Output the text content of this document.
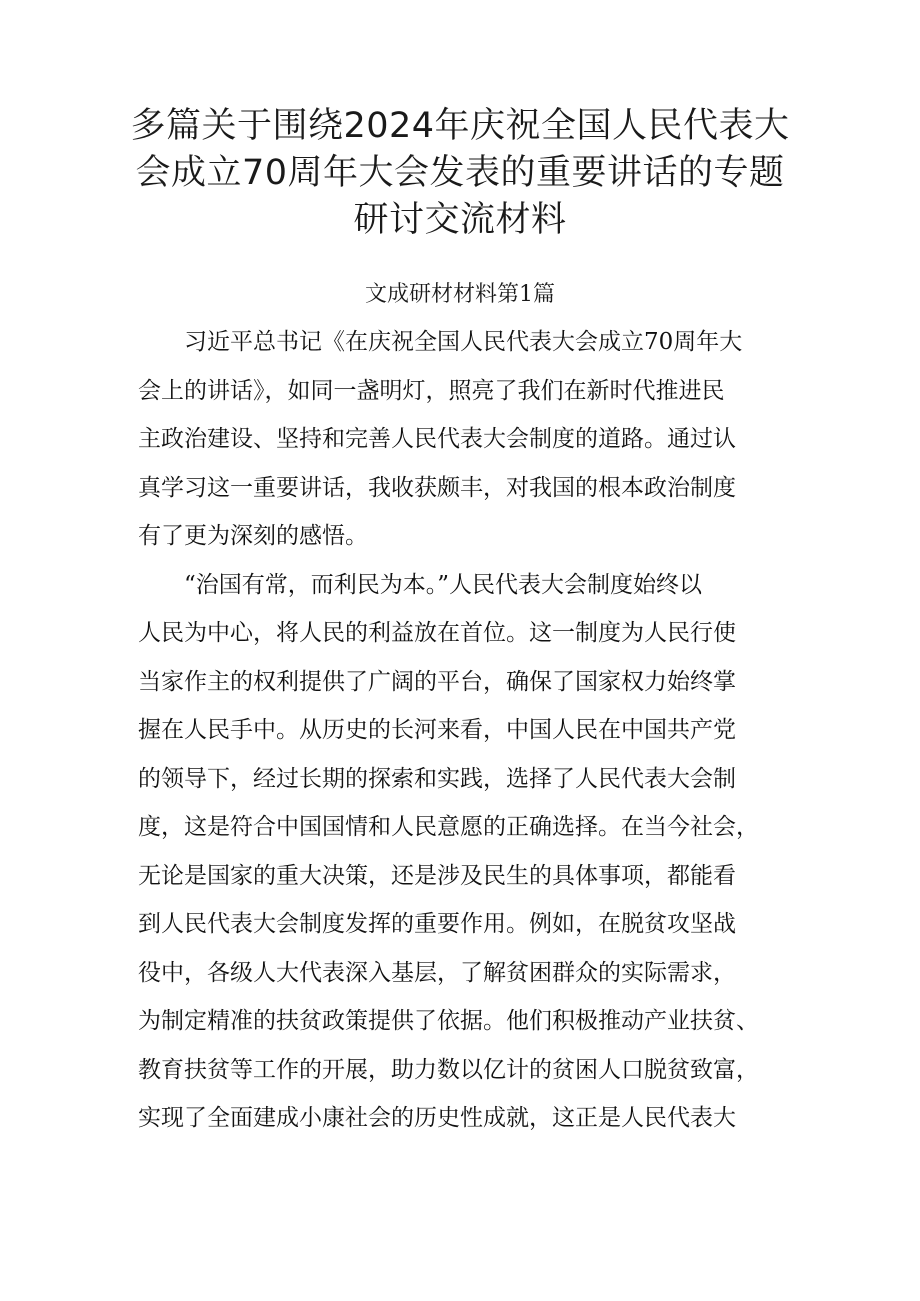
多篇关于围绕2024年庆祝全国人民代表大
会成立70周年大会发表的重要讲话的专题
研讨交流材料
文成研材材料第1篇

习近平总书记《在庆祝全国人民代表大会成立70周年大
会上的讲话》，如同一盏明灯，照亮了我们在新时代推进民
主政治建设、坚持和完善人民代表大会制度的道路。通过认
真学习这一重要讲话，我收获颇丰，对我国的根本政治制度
有了更为深刻的感悟。

“治国有常，而利民为本。”人民代表大会制度始终以
人民为中心，将人民的利益放在首位。这一制度为人民行使
当家作主的权利提供了广阔的平台，确保了国家权力始终掌
握在人民手中。从历史的长河来看，中国人民在中国共产党
的领导下，经过长期的探索和实践，选择了人民代表大会制
度，这是符合中国国情和人民意愿的正确选择。在当今社会，
无论是国家的重大决策，还是涉及民生的具体事项，都能看
到人民代表大会制度发挥的重要作用。例如，在脱贫攻坚战
役中，各级人大代表深入基层，了解贫困群众的实际需求，
为制定精准的扶贫政策提供了依据。他们积极推动产业扶贫、
教育扶贫等工作的开展，助力数以亿计的贫困人口脱贫致富，
实现了全面建成小康社会的历史性成就，这正是人民代表大
